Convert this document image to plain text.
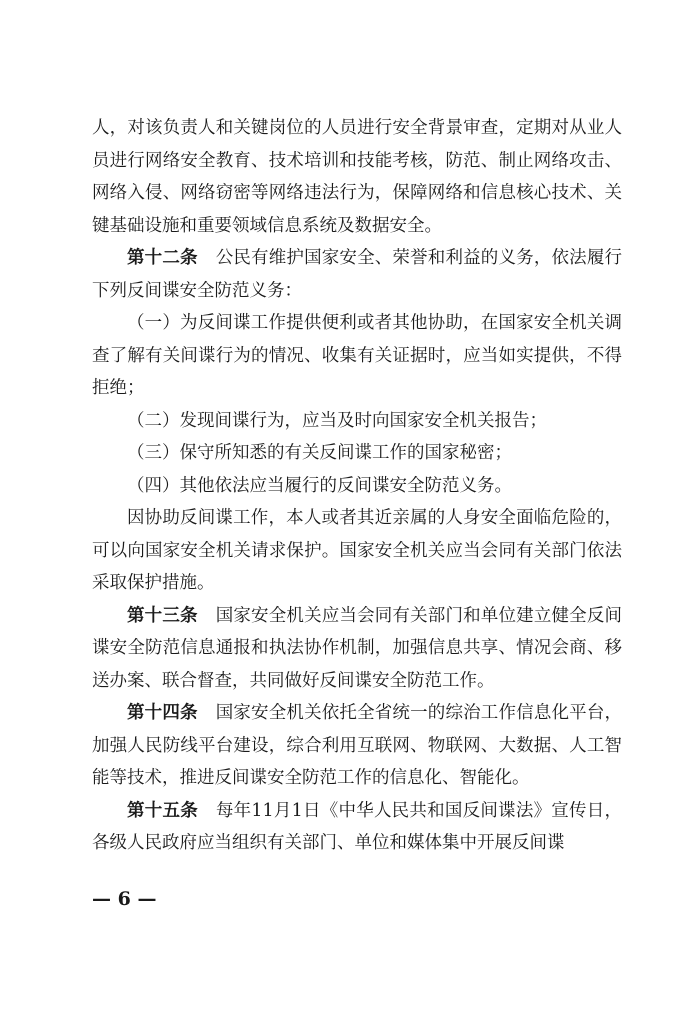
人，对该负责人和关键岗位的人员进行安全背景审查，定期对从业人员进行网络安全教育、技术培训和技能考核，防范、制止网络攻击、网络入侵、网络窃密等网络违法行为，保障网络和信息核心技术、关键基础设施和重要领域信息系统及数据安全。

第十二条 公民有维护国家安全、荣誉和利益的义务，依法履行下列反间谍安全防范义务：

（一）为反间谍工作提供便利或者其他协助，在国家安全机关调查了解有关间谍行为的情况、收集有关证据时，应当如实提供，不得拒绝；

（二）发现间谍行为，应当及时向国家安全机关报告；

（三）保守所知悉的有关反间谍工作的国家秘密；

（四）其他依法应当履行的反间谍安全防范义务。

因协助反间谍工作，本人或者其近亲属的人身安全面临危险的，可以向国家安全机关请求保护。国家安全机关应当会同有关部门依法采取保护措施。

第十三条 国家安全机关应当会同有关部门和单位建立健全反间谍安全防范信息通报和执法协作机制，加强信息共享、情况会商、移送办案、联合督查，共同做好反间谍安全防范工作。

第十四条 国家安全机关依托全省统一的综治工作信息化平台，加强人民防线平台建设，综合利用互联网、物联网、大数据、人工智能等技术，推进反间谍安全防范工作的信息化、智能化。

第十五条 每年11月1日《中华人民共和国反间谍法》宣传日，各级人民政府应当组织有关部门、单位和媒体集中开展反间谍

— 6 —
